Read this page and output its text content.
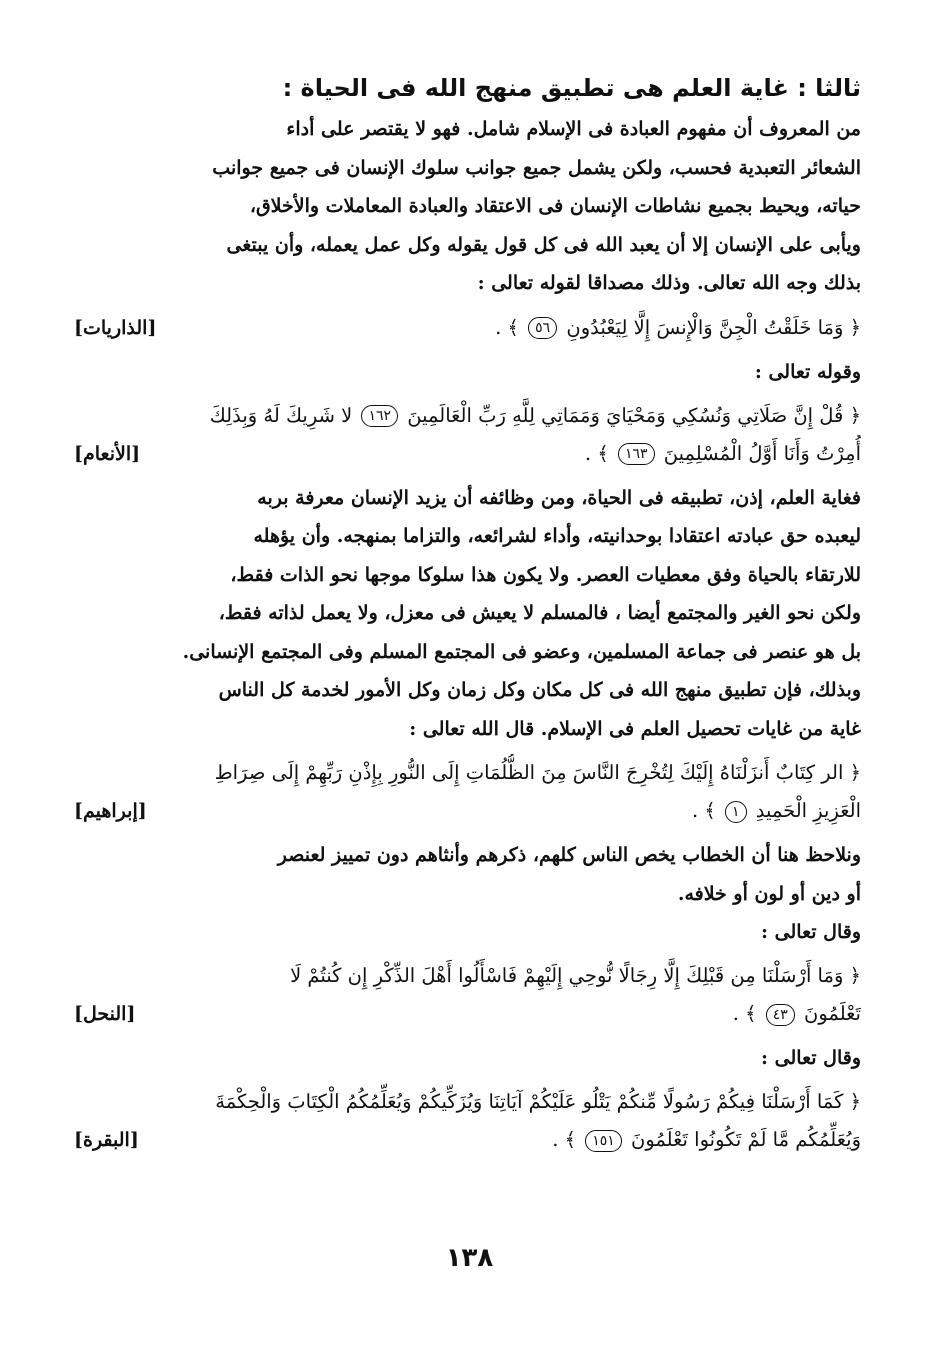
ثالثا : غاية العلم هى تطبيق منهج الله فى الحياة :

من المعروف أن مفهوم العبادة فى الإسلام شامل. فهو لا يقتصر على أداء

الشعائر التعبدية فحسب، ولكن يشمل جميع جوانب سلوك الإنسان فى جميع جوانب

حياته، ويحيط بجميع نشاطات الإنسان فى الاعتقاد والعبادة المعاملات والأخلاق،

ويأبى على الإنسان إلا أن يعبد الله فى كل قول يقوله وكل عمل يعمله، وأن يبتغى

بذلك وجه الله تعالى. وذلك مصداقا لقوله تعالى :

﴿ وَمَا خَلَقْتُ الْجِنَّ وَالْإِنسَ إِلَّا لِيَعْبُدُونِ ٥٦ ﴾ .
[الذاريات]
وقوله تعالى :
﴿ قُلْ إِنَّ صَلَاتِي وَنُسُكِي وَمَحْيَايَ وَمَمَاتِي لِلَّهِ رَبِّ الْعَالَمِينَ ١٦٢ لا شَرِيكَ لَهُ وَبِذَلِكَ
أُمِرْتُ وَأَنَا أَوَّلُ الْمُسْلِمِينَ ١٦٣ ﴾ .
[الأنعام]

فغاية العلم، إذن، تطبيقه فى الحياة، ومن وظائفه أن يزيد الإنسان معرفة بربه

ليعبده حق عبادته اعتقادا بوحدانيته، وأداء لشرائعه، والتزاما بمنهجه. وأن يؤهله

للارتقاء بالحياة وفق معطيات العصر. ولا يكون هذا سلوكا موجها نحو الذات فقط،

ولكن نحو الغير والمجتمع أيضا ، فالمسلم لا يعيش فى معزل، ولا يعمل لذاته فقط،

بل هو عنصر فى جماعة المسلمين، وعضو فى المجتمع المسلم وفى المجتمع الإنسانى.

وبذلك، فإن تطبيق منهج الله فى كل مكان وكل زمان وكل الأمور لخدمة كل الناس

غاية من غايات تحصيل العلم فى الإسلام. قال الله تعالى :

﴿ الر كِتَابٌ أَنزَلْنَاهُ إِلَيْكَ لِتُخْرِجَ النَّاسَ مِنَ الظُّلُمَاتِ إِلَى النُّورِ بِإِذْنِ رَبِّهِمْ إِلَى صِرَاطِ
الْعَزِيزِ الْحَمِيدِ ١ ﴾ .
[إبراهيم]

ونلاحظ هنا أن الخطاب يخص الناس كلهم، ذكرهم وأنثاهم دون تمييز لعنصر

أو دين أو لون أو خلافه.

وقال تعالى :
﴿ وَمَا أَرْسَلْنَا مِن قَبْلِكَ إِلَّا رِجَالًا نُّوحِي إِلَيْهِمْ فَاسْأَلُوا أَهْلَ الذِّكْرِ إِن كُنتُمْ لَا
تَعْلَمُونَ ٤٣ ﴾ .
[النحل]
وقال تعالى :
﴿ كَمَا أَرْسَلْنَا فِيكُمْ رَسُولًا مِّنكُمْ يَتْلُو عَلَيْكُمْ آيَاتِنَا وَيُزَكِّيكُمْ وَيُعَلِّمُكُمُ الْكِتَابَ وَالْحِكْمَةَ
وَيُعَلِّمُكُم مَّا لَمْ تَكُونُوا تَعْلَمُونَ ١٥١ ﴾ .
[البقرة]
١٣٨
